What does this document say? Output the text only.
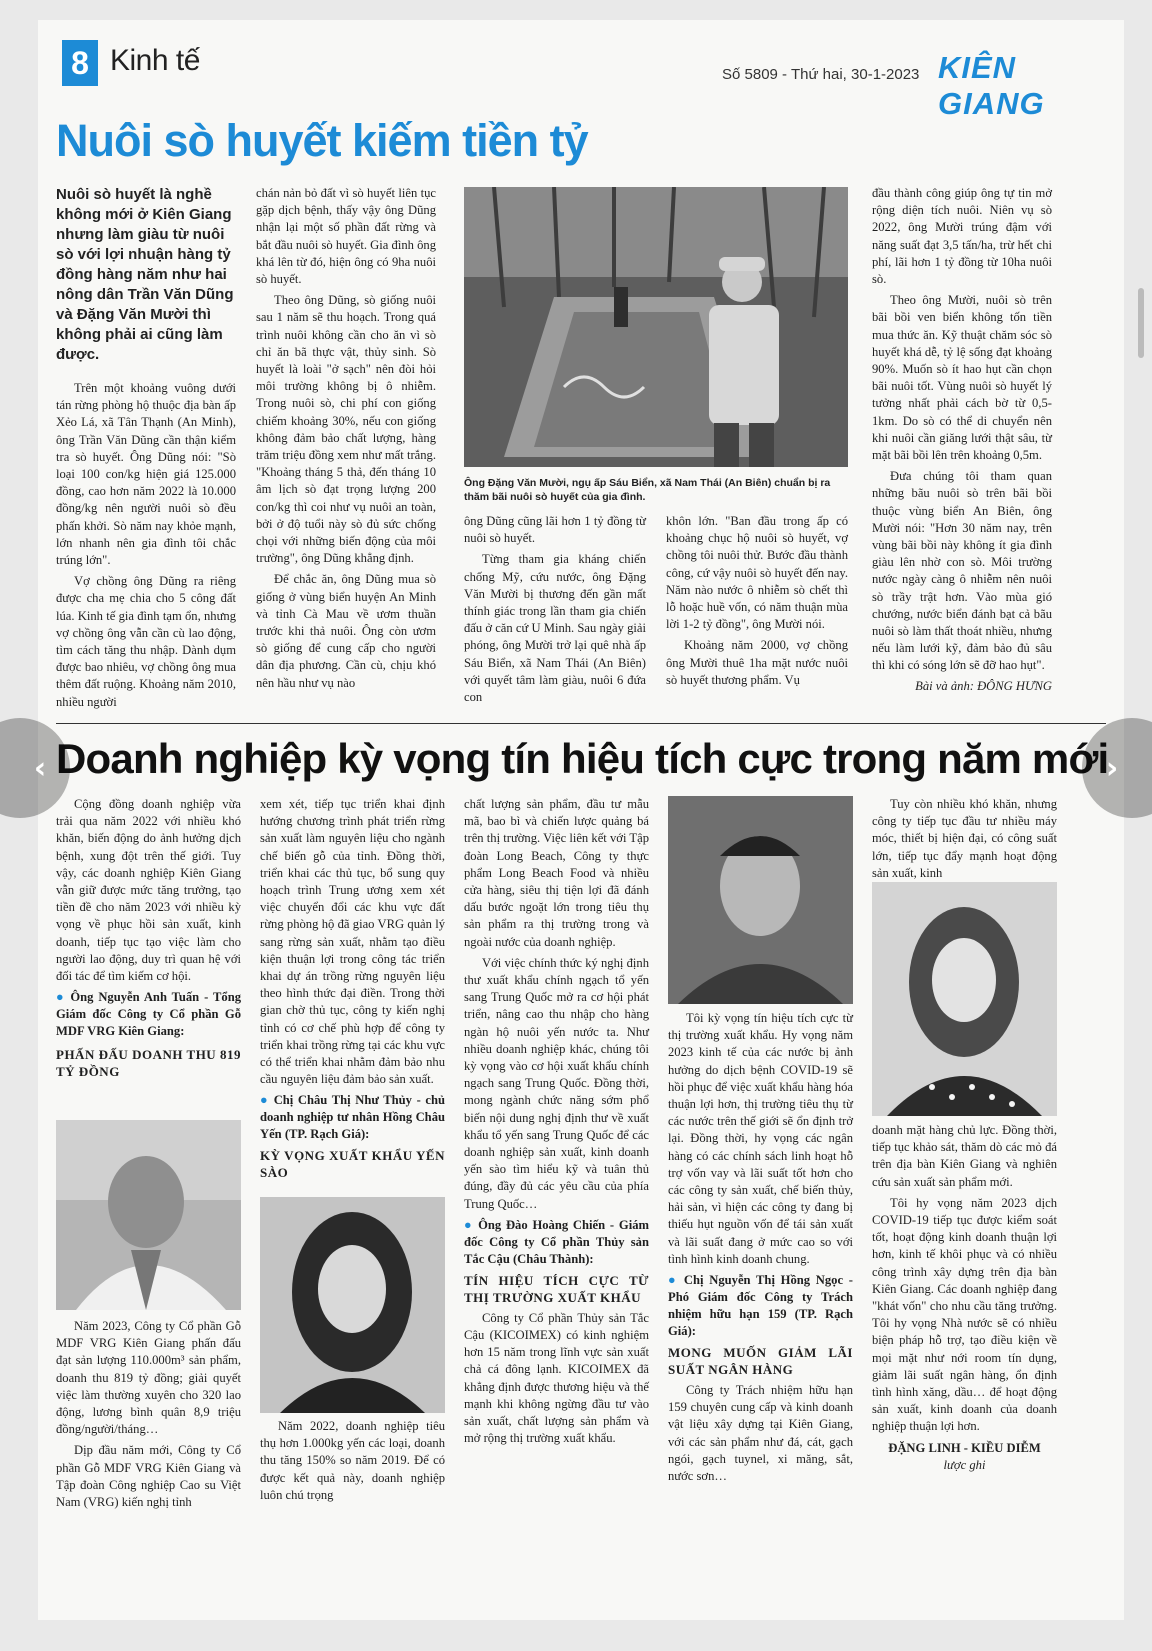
8 Kinh tế	Số 5809 - Thứ hai, 30-1-2023 KIÊN GIANG
Nuôi sò huyết kiếm tiền tỷ
Nuôi sò huyết là nghề không mới ở Kiên Giang nhưng làm giàu từ nuôi sò với lợi nhuận hàng tỷ đồng hàng năm như hai nông dân Trần Văn Dũng và Đặng Văn Mười thì không phải ai cũng làm được.

Trên một khoảng vuông dưới tán rừng phòng hộ thuộc địa bàn ấp Xẻo Lá, xã Tân Thạnh (An Minh), ông Trần Văn Dũng cần thận kiểm tra sò huyết. Ông Dũng nói: "Sò loại 100 con/kg hiện giá 125.000 đồng, cao hơn năm 2022 là 10.000 đồng/kg nên người nuôi sò đều phấn khởi. Sò năm nay khỏe mạnh, lớn nhanh nên gia đình tôi chắc trúng lớn".

Vợ chồng ông Dũng ra riêng được cha mẹ chia cho 5 công đất lúa. Kinh tế gia đình tạm ổn, nhưng vợ chồng ông vẫn cần cù lao động, tìm cách tăng thu nhập. Dành dụm được bao nhiêu, vợ chồng ông mua thêm đất ruộng. Khoảng năm 2010, nhiều người

chán nản bỏ đất vì sò huyết liên tục gặp dịch bệnh, thấy vậy ông Dũng nhận lại một số phần đất rừng và bắt đầu nuôi sò huyết. Gia đình ông khá lên từ đó, hiện ông có 9ha nuôi sò huyết.

Theo ông Dũng, sò giống nuôi sau 1 năm sẽ thu hoạch. Trong quá trình nuôi không cần cho ăn vì sò chỉ ăn bã thực vật, thủy sinh. Sò huyết là loài "ở sạch" nên đòi hỏi môi trường không bị ô nhiễm. Trong nuôi sò, chi phí con giống chiếm khoảng 30%, nếu con giống không đảm bảo chất lượng, hàng trăm triệu đồng xem như mất trắng. "Khoảng tháng 5 thả, đến tháng 10 âm lịch sò đạt trọng lượng 200 con/kg thì coi như vụ nuôi an toàn, bởi ở độ tuổi này sò đủ sức chống chọi với những biến động của môi trường", ông Dũng khẳng định.

Để chắc ăn, ông Dũng mua sò giống ở vùng biển huyện An Minh và tỉnh Cà Mau về ươm thuần trước khi thả nuôi. Ông còn ươm sò giống để cung cấp cho người dân địa phương. Cần cù, chịu khó nên hầu như vụ nào

Ông Đặng Văn Mười, ngụ ấp Sáu Biển, xã Nam Thái (An Biên) chuẩn bị ra thăm bãi nuôi sò huyết của gia đình.

ông Dũng cũng lãi hơn 1 tỷ đồng từ nuôi sò huyết.

Từng tham gia kháng chiến chống Mỹ, cứu nước, ông Đặng Văn Mười bị thương đến gần mất thính giác trong lần tham gia chiến đấu ở căn cứ U Minh. Sau ngày giải phóng, ông Mười trở lại quê nhà ấp Sáu Biển, xã Nam Thái (An Biên) với quyết tâm làm giàu, nuôi 6 đứa con

khôn lớn. "Ban đầu trong ấp có khoảng chục hộ nuôi sò huyết, vợ chồng tôi nuôi thử. Bước đầu thành công, cứ vậy nuôi sò huyết đến nay. Năm nào nước ô nhiễm sò chết thì lỗ hoặc huề vốn, có năm thuận mùa lời 1-2 tỷ đồng", ông Mười nói.

Khoảng năm 2000, vợ chồng ông Mười thuê 1ha mặt nước nuôi sò huyết thương phẩm. Vụ

đầu thành công giúp ông tự tin mở rộng diện tích nuôi. Niên vụ sò 2022, ông Mười trúng đậm với năng suất đạt 3,5 tấn/ha, trừ hết chi phí, lãi hơn 1 tỷ đồng từ 10ha nuôi sò.

Theo ông Mười, nuôi sò trên bãi bồi ven biển không tốn tiền mua thức ăn. Kỹ thuật chăm sóc sò huyết khá dễ, tỷ lệ sống đạt khoảng 90%. Muốn sò ít hao hụt cần chọn bãi nuôi tốt. Vùng nuôi sò huyết lý tưởng nhất phải cách bờ từ 0,5-1km. Do sò có thể di chuyển nên khi nuôi cần giăng lưới thật sâu, từ mặt bãi bồi lên trên khoảng 0,5m.

Đưa chúng tôi tham quan những bãu nuôi sò trên bãi bồi thuộc vùng biển An Biên, ông Mười nói: "Hơn 30 năm nay, trên vùng bãi bồi này không ít gia đình giàu lên nhờ con sò. Môi trường nước ngày càng ô nhiễm nên nuôi sò trầy trật hơn. Vào mùa gió chướng, nước biển đánh bạt cả bãu nuôi sò làm thất thoát nhiều, nhưng nếu làm lưới kỹ, đảm bảo đủ sâu thì khi có sóng lớn sẽ đỡ hao hụt".

Bài và ảnh: ĐÔNG HƯNG
Doanh nghiệp kỳ vọng tín hiệu tích cực trong năm mới

Cộng đồng doanh nghiệp vừa trải qua năm 2022 với nhiều khó khăn, biến động do ảnh hưởng dịch bệnh, xung đột trên thế giới. Tuy vậy, các doanh nghiệp Kiên Giang vẫn giữ được mức tăng trưởng, tạo tiền đề cho năm 2023 với nhiều kỳ vọng về phục hồi sản xuất, kinh doanh, tiếp tục tạo việc làm cho người lao động, duy trì quan hệ với đối tác để tìm kiếm cơ hội.

● Ông Nguyễn Anh Tuấn - Tổng Giám đốc Công ty Cổ phần Gỗ MDF VRG Kiên Giang:
PHẤN ĐẤU DOANH THU 819 TỶ ĐỒNG

Năm 2023, Công ty Cổ phần Gỗ MDF VRG Kiên Giang phấn đấu đạt sản lượng 110.000m³ sản phẩm, doanh thu 819 tỷ đồng; giải quyết việc làm thường xuyên cho 320 lao động, lương bình quân 8,9 triệu đồng/người/tháng…

Dịp đầu năm mới, Công ty Cổ phần Gỗ MDF VRG Kiên Giang và Tập đoàn Công nghiệp Cao su Việt Nam (VRG) kiến nghị tỉnh

xem xét, tiếp tục triển khai định hướng chương trình phát triển rừng sản xuất làm nguyên liệu cho ngành chế biến gỗ của tỉnh. Đồng thời, triển khai các thủ tục, bổ sung quy hoạch trình Trung ương xem xét việc chuyển đổi các khu vực đất rừng phòng hộ đã giao VRG quản lý sang rừng sản xuất, nhằm tạo điều kiện thuận lợi trong công tác triển khai dự án trồng rừng nguyên liệu theo hình thức đại điền. Trong thời gian chờ thủ tục, công ty kiến nghị tỉnh có cơ chế phù hợp để công ty triển khai trồng rừng tại các khu vực có thể triển khai nhằm đảm bảo nhu cầu nguyên liệu đảm bảo sản xuất.

● Chị Châu Thị Như Thủy - chủ doanh nghiệp tư nhân Hồng Châu Yến (TP. Rạch Giá):
KỲ VỌNG XUẤT KHẨU YẾN SÀO

Năm 2022, doanh nghiệp tiêu thụ hơn 1.000kg yến các loại, doanh thu tăng 150% so năm 2019. Để có được kết quả này, doanh nghiệp luôn chú trọng

chất lượng sản phẩm, đầu tư mẫu mã, bao bì và chiến lược quảng bá trên thị trường. Việc liên kết với Tập đoàn Long Beach, Công ty thực phẩm Long Beach Food và nhiều cửa hàng, siêu thị tiện lợi đã đánh dấu bước ngoặt lớn trong tiêu thụ sản phẩm ra thị trường trong và ngoài nước của doanh nghiệp.

Với việc chính thức ký nghị định thư xuất khẩu chính ngạch tổ yến sang Trung Quốc mở ra cơ hội phát triển, nâng cao thu nhập cho hàng ngàn hộ nuôi yến nước ta. Như nhiều doanh nghiệp khác, chúng tôi kỳ vọng vào cơ hội xuất khẩu chính ngạch sang Trung Quốc. Đồng thời, mong ngành chức năng sớm phổ biến nội dung nghị định thư về xuất khẩu tổ yến sang Trung Quốc để các doanh nghiệp sản xuất, kinh doanh yến sào tìm hiểu kỹ và tuân thủ đúng, đầy đủ các yêu cầu của phía Trung Quốc…

● Ông Đào Hoàng Chiến - Giám đốc Công ty Cổ phần Thủy sản Tắc Cậu (Châu Thành):
TÍN HIỆU TÍCH CỰC TỪ THỊ TRƯỜNG XUẤT KHẨU

Công ty Cổ phần Thủy sản Tắc Cậu (KICOIMEX) có kinh nghiệm hơn 15 năm trong lĩnh vực sản xuất chả cá đông lạnh. KICOIMEX đã khẳng định được thương hiệu và thế mạnh khi không ngừng đầu tư vào sản xuất, chất lượng sản phẩm và mở rộng thị trường xuất khẩu.

Tôi kỳ vọng tín hiệu tích cực từ thị trường xuất khẩu. Hy vọng năm 2023 kinh tế của các nước bị ảnh hưởng do dịch bệnh COVID-19 sẽ hồi phục để việc xuất khẩu hàng hóa thuận lợi hơn, thị trường tiêu thụ từ các nước trên thế giới sẽ ổn định trở lại. Đồng thời, hy vọng các ngân hàng có các chính sách linh hoạt hỗ trợ vốn vay và lãi suất tốt hơn cho các công ty sản xuất, chế biến thủy, hải sản, vì hiện các công ty đang bị thiếu hụt nguồn vốn để tái sản xuất và lãi suất đang ở mức cao so với tình hình kinh doanh chung.

● Chị Nguyễn Thị Hồng Ngọc - Phó Giám đốc Công ty Trách nhiệm hữu hạn 159 (TP. Rạch Giá):
MONG MUỐN GIẢM LÃI SUẤT NGÂN HÀNG

Công ty Trách nhiệm hữu hạn 159 chuyên cung cấp và kinh doanh vật liệu xây dựng tại Kiên Giang, với các sản phẩm như đá, cát, gạch ngói, gạch tuynel, xi măng, sắt, nước sơn…

Tuy còn nhiều khó khăn, nhưng công ty tiếp tục đầu tư nhiều máy móc, thiết bị hiện đại, có công suất lớn, tiếp tục đẩy mạnh hoạt động sản xuất, kinh

doanh mặt hàng chủ lực. Đồng thời, tiếp tục khảo sát, thăm dò các mỏ đá trên địa bàn Kiên Giang và nghiên cứu sản xuất sản phẩm mới.

Tôi hy vọng năm 2023 dịch COVID-19 tiếp tục được kiểm soát tốt, hoạt động kinh doanh thuận lợi hơn, kinh tế khôi phục và có nhiều công trình xây dựng trên địa bàn Kiên Giang. Các doanh nghiệp đang "khát vốn" cho nhu cầu tăng trưởng. Tôi hy vọng Nhà nước sẽ có nhiều biện pháp hỗ trợ, tạo điều kiện về mọi mặt như nới room tín dụng, giảm lãi suất ngân hàng, ổn định tình hình xăng, dầu… để hoạt động sản xuất, kinh doanh của doanh nghiệp thuận lợi hơn.

ĐẶNG LINH - KIỀU DIỄM
lược ghi
‹	›
